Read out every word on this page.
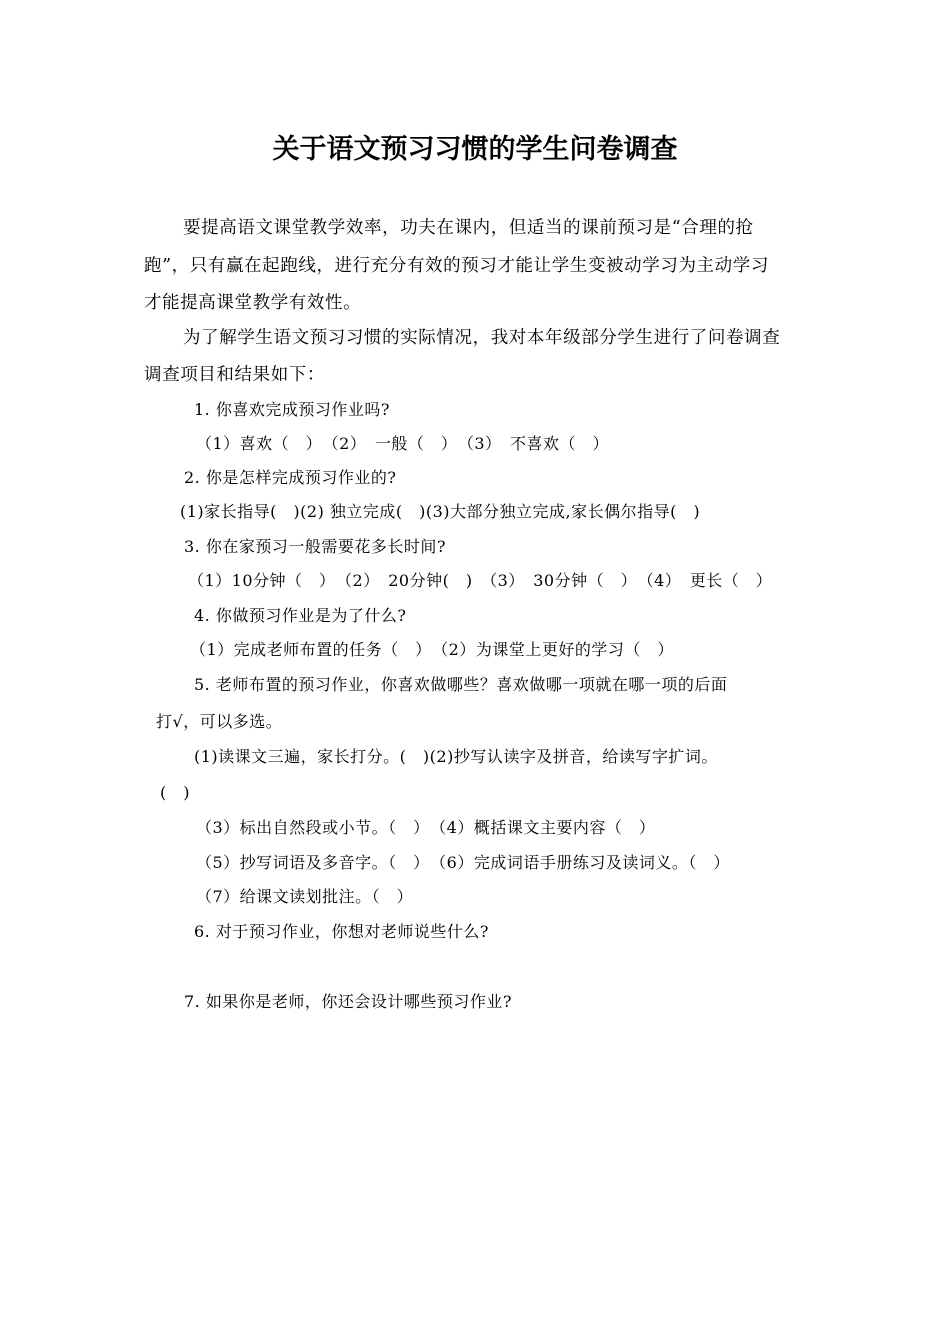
关于语文预习习惯的学生问卷调查
要提高语文课堂教学效率，功夫在课内，但适当的课前预习是“合理的抢
跑”，只有赢在起跑线，进行充分有效的预习才能让学生变被动学习为主动学习
才能提高课堂教学有效性。
为了解学生语文预习习惯的实际情况，我对本年级部分学生进行了问卷调查
调查项目和结果如下：
1. 你喜欢完成预习作业吗?
（1）喜欢（　）　（2）　一般（　）　（3）　不喜欢（　）
2. 你是怎样完成预习作业的?
(1)家长指导(　)(2) 独立完成(　)(3)大部分独立完成,家长偶尔指导(　)
3. 你在家预习一般需要花多长时间?
（1）10分钟（　）　（2）　20分钟(　)　（3）　30分钟（　）　（4）　更长（　）
4. 你做预习作业是为了什么?
（1）完成老师布置的任务（　）　（2）为课堂上更好的学习（　）
5. 老师布置的预习作业，你喜欢做哪些？喜欢做哪一项就在哪一项的后面
打√，可以多选。
(1)读课文三遍，家长打分。(　)(2)抄写认读字及拼音，给读写字扩词。
(　)
（3）标出自然段或小节。（　）　（4）概括课文主要内容（　）
（5）抄写词语及多音字。（　）　（6）完成词语手册练习及读词义。（　）
（7）给课文读划批注。（　）
6. 对于预习作业，你想对老师说些什么?
7. 如果你是老师，你还会设计哪些预习作业?
